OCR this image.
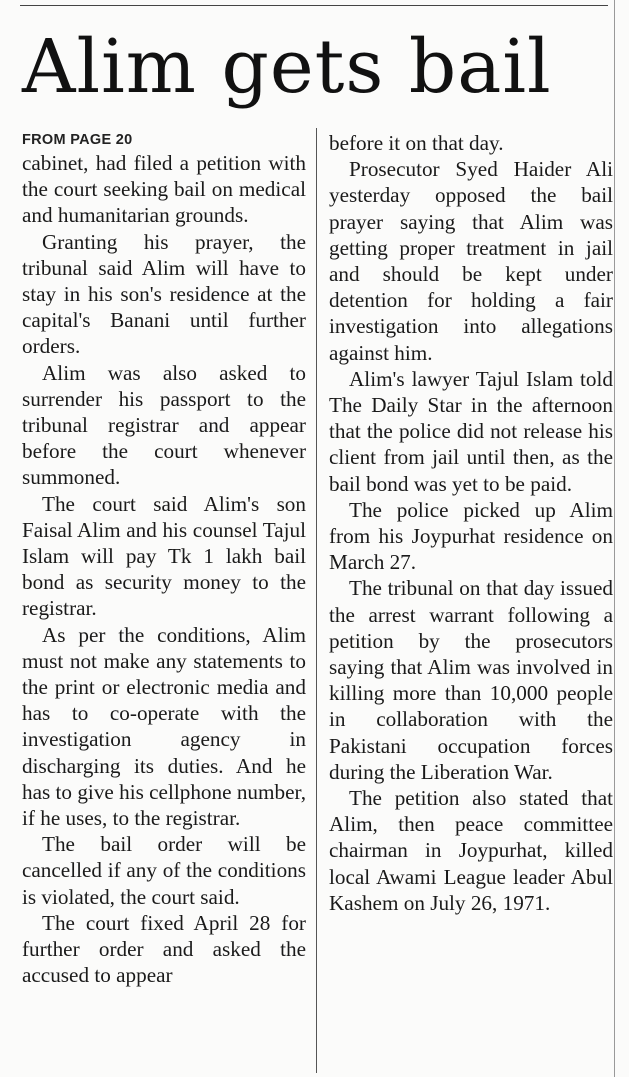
Alim gets bail
FROM PAGE 20

cabinet, had filed a petition with the court seeking bail on medical and humanitarian grounds.

Granting his prayer, the tribunal said Alim will have to stay in his son's residence at the capital's Banani until further orders.

Alim was also asked to surrender his passport to the tribunal registrar and appear before the court whenever summoned.

The court said Alim's son Faisal Alim and his counsel Tajul Islam will pay Tk 1 lakh bail bond as security money to the registrar.

As per the conditions, Alim must not make any statements to the print or electronic media and has to co-operate with the investigation agency in discharging its duties. And he has to give his cellphone number, if he uses, to the registrar.

The bail order will be cancelled if any of the conditions is violated, the court said.

The court fixed April 28 for further order and asked the accused to appear

before it on that day.

Prosecutor Syed Haider Ali yesterday opposed the bail prayer saying that Alim was getting proper treatment in jail and should be kept under detention for holding a fair investigation into allegations against him.

Alim's lawyer Tajul Islam told The Daily Star in the afternoon that the police did not release his client from jail until then, as the bail bond was yet to be paid.

The police picked up Alim from his Joypurhat residence on March 27.

The tribunal on that day issued the arrest warrant following a petition by the prosecutors saying that Alim was involved in killing more than 10,000 people in collaboration with the Pakistani occupation forces during the Liberation War.

The petition also stated that Alim, then peace committee chairman in Joypurhat, killed local Awami League leader Abul Kashem on July 26, 1971.
